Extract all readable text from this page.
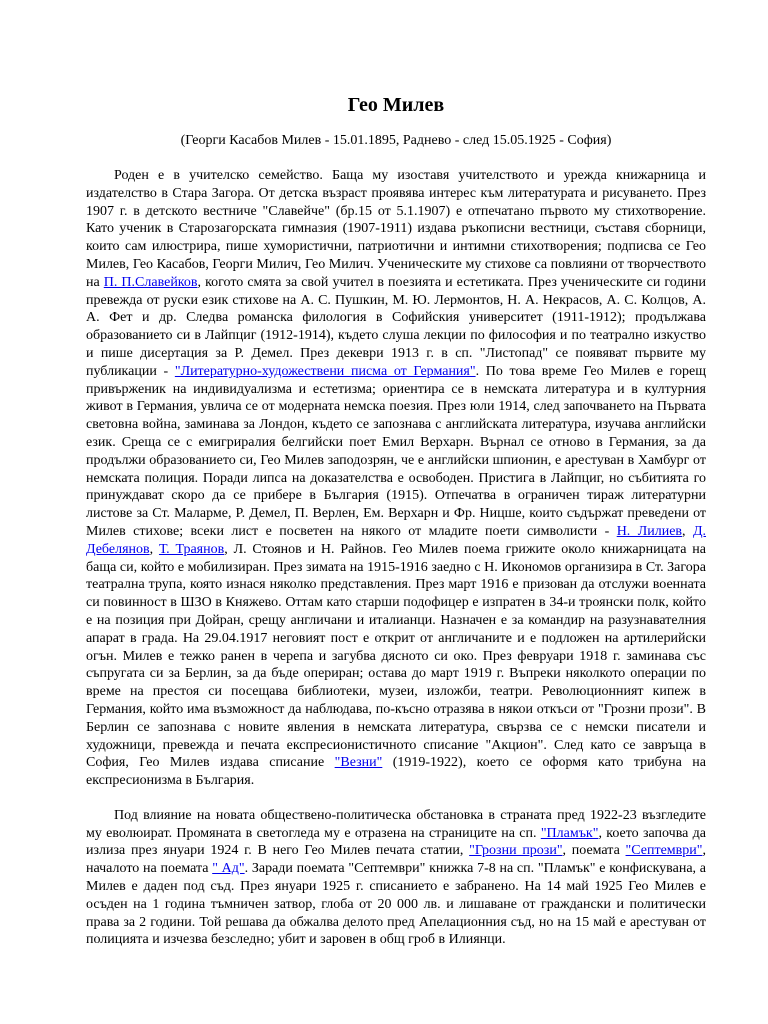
Гео Милев

(Георги Касабов Милев - 15.01.1895, Раднево - след 15.05.1925 - София)

Роден е в учителско семейство. Баща му изоставя учителството и урежда книжарница и издателство в Стара Загора. От детска възраст проявява интерес към литературата и рисуването. През 1907 г. в детското вестниче "Славейче" (бр.15 от 5.1.1907) е отпечатано първото му стихотворение. Като ученик в Старозагорската гимназия (1907-1911) издава ръкописни вестници, съставя сборници, които сам илюстрира, пише хумористични, патриотични и интимни стихотворения; подписва се Гео Милев, Гео Касабов, Георги Милич, Гео Милич. Ученическите му стихове са повлияни от творчеството на П. П.Славейков, когото смята за свой учител в поезията и естетиката. През ученическите си години превежда от руски език стихове на А. С. Пушкин, М. Ю. Лермонтов, Н. А. Некрасов, А. С. Колцов, А. А. Фет и др. Следва романска филология в Софийския университет (1911-1912); продължава образованието си в Лайпциг (1912-1914), където слуша лекции по философия и по театрално изкуство и пише дисертация за Р. Демел. През декеври 1913 г. в сп. "Листопад" се появяват първите му публикации - "Литературно-художествени писма от Германия". По това време Гео Милев е горещ привърженик на индивидуализма и естетизма; ориентира се в немската литература и в културния живот в Германия, увлича се от модерната немска поезия. През юли 1914, след започването на Първата световна война, заминава за Лондон, където се запознава с английската литература, изучава английски език. Среща се с емигриралия белгийски поет Емил Верхарн. Върнал се отново в Германия, за да продължи образованието си, Гео Милев заподозрян, че е английски шпионин, е арестуван в Хамбург от немската полиция. Поради липса на доказателства е освободен. Пристига в Лайпциг, но събитията го принуждават скоро да се прибере в България (1915). Отпечатва в ограничен тираж литературни листове за Ст. Маларме, Р. Демел, П. Верлен, Ем. Верхарн и Фр. Ницше, които съдържат преведени от Милев стихове; всеки лист е посветен на някого от младите поети символисти - Н. Лилиев, Д. Дебелянов, Т. Траянов, Л. Стоянов и Н. Райнов. Гео Милев поема грижите около книжарницата на баща си, който е мобилизиран. През зимата на 1915-1916 заедно с Н. Икономов организира в Ст. Загора театрална трупа, която изнася няколко представления. През март 1916 е призован да отслужи военната си повинност в ШЗО в Княжево. Оттам като старши подофицер е изпратен в 34-и троянски полк, който е на позиция при Дойран, срещу англичани и италианци. Назначен е за командир на разузнавателния апарат в града. На 29.04.1917 неговият пост е открит от англичаните и е подложен на артилерийски огън. Милев е тежко ранен в черепа и загубва дясното си око. През февруари 1918 г. заминава със съпругата си за Берлин, за да бъде опериран; остава до март 1919 г. Въпреки няколкото операции по време на престоя си посещава библиотеки, музеи, изложби, театри. Революционният кипеж в Германия, който има възможност да наблюдава, по-късно отразява в някои откъси от "Грозни прози". В Берлин се запознава с новите явления в немската литература, свързва се с немски писатели и художници, превежда и печата експресионистичното списание "Акцион". След като се завръща в София, Гео Милев издава списание "Везни" (1919-1922), което се оформя като трибуна на експресионизма в България.

Под влияние на новата обществено-политическа обстановка в страната пред 1922-23 възгледите му еволюират. Промяната в светогледа му е отразена на страниците на сп. "Пламък", което започва да излиза през януари 1924 г. В него Гео Милев печата статии, "Грозни прози", поемата "Септември", началото на поемата " Ад". Заради поемата "Септември" книжка 7-8 на сп. "Пламък" е конфискувана, а Милев е даден под съд. През януари 1925 г. списанието е забранено. На 14 май 1925 Гео Милев е осъден на 1 година тъмничен затвор, глоба от 20 000 лв. и лишаване от граждански и политически права за 2 години. Той решава да обжалва делото пред Апелационния съд, но на 15 май е арестуван от полицията и изчезва безследно; убит и заровен в общ гроб в Илиянци.
